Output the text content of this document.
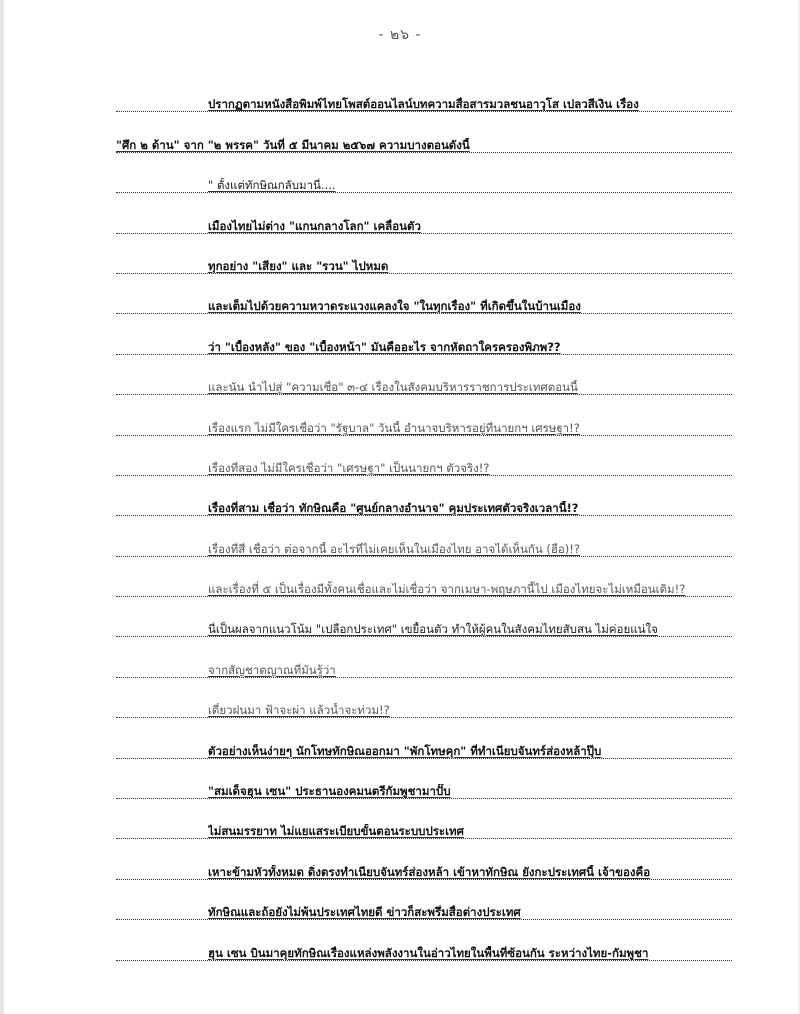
- ๒๖ -
ปรากฏตามหนังสือพิมพ์ไทยโพสต์ออนไลน์บทความสื่อสารมวลชนอาวุโส เปลวสีเงิน เรื่อง
"ศึก ๒ ด้าน" จาก "๒ พรรค" วันที่ ๕ มีนาคม ๒๕๖๗ ความบางตอนดังนี้
" ตั้งแต่ทักษิณกลับมานี่....
เมืองไทยไม่ต่าง "แกนกลางโลก" เคลื่อนตัว
ทุกอย่าง "เสียง" และ "รวน" ไปหมด
และเต็มไปด้วยความหวาดระแวงแคลงใจ "ในทุกเรื่อง" ที่เกิดขึ้นในบ้านเมือง
ว่า "เบื้องหลัง" ของ "เบื้องหน้า" มันคืออะไร จากหัตถาใครครองพิภพ??
และนั่น นำไปสู่ "ความเชื่อ" ๓-๔ เรื่องในสังคมบริหารราชการประเทศตอนนี้
เรื่องแรก ไม่มีใครเชื่อว่า "รัฐบาล" วันนี้ อำนาจบริหารอยู่ที่นายกฯ เศรษฐา!?
เรื่องที่สอง ไม่มีใครเชื่อว่า "เศรษฐา" เป็นนายกฯ ตัวจริง!?
เรื่องที่สาม เชื่อว่า ทักษิณคือ "ศูนย์กลางอำนาจ" คุมประเทศตัวจริงเวลานี้!?
เรื่องที่สี่ เชื่อว่า ต่อจากนี้ อะไรที่ไม่เคยเห็นในเมืองไทย อาจได้เห็นกัน (ฮือ)!?
และเรื่องที่ ๕ เป็นเรื่องมีทั้งคนเชื่อและไม่เชื่อว่า จากเมษา-พฤษภานี้ไป เมืองไทยจะไม่เหมือนเดิม!?
นี่เป็นผลจากแนวโน้ม "เปลือกประเทศ" เขยื้อนตัว ทำให้ผู้คนในสังคมไทยสับสน ไม่ค่อยแน่ใจ
จากสัญชาตญาณที่มันรู้ว่า
เดี๋ยวฝนมา ฟ้าจะผ่า แล้วน้ำจะท่วม!?
ตัวอย่างเห็นง่ายๆ นักโทษทักษิณออกมา "พักโทษคุก" ที่ทำเนียบจันทร์ส่องหล้าปุ๊บ
"สมเด็จฮุน เซน" ประธานองคมนตรีกัมพูชามาปั๊บ
ไม่สนมรรยาท ไม่แยแสระเบียบขั้นตอนระบบประเทศ
เหาะข้ามหัวทั้งหมด ดิ่งตรงทำเนียบจันทร์ส่องหล้า เข้าหาทักษิณ ยังกะประเทศนี้ เจ้าของคือ
ทักษิณและถ้อยังไม่พ้นประเทศไทยดี ข่าวก็สะพรึ่มสื่อต่างประเทศ
ฮุน เซน บินมาคุยทักษิณเรื่องแหล่งพลังงานในอ่าวไทยในพื้นที่ซ้อนกัน ระหว่างไทย-กัมพูชา
